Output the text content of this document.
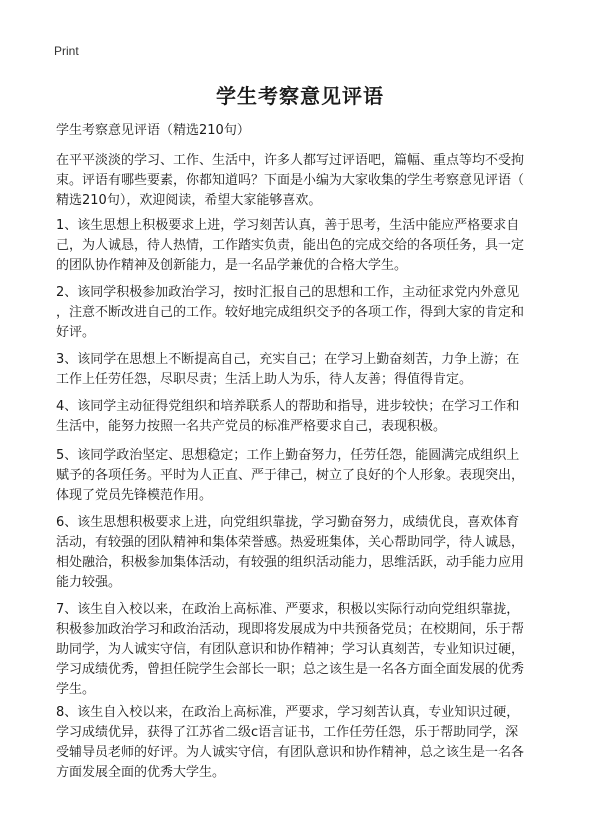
Print
学生考察意见评语
学生考察意见评语（精选210句）
在平平淡淡的学习、工作、生活中，许多人都写过评语吧，篇幅、重点等均不受拘
束。评语有哪些要素，你都知道吗？下面是小编为大家收集的学生考察意见评语（
精选210句），欢迎阅读，希望大家能够喜欢。
1、该生思想上积极要求上进，学习刻苦认真，善于思考，生活中能应严格要求自
己，为人诚恳，待人热情，工作踏实负责，能出色的完成交给的各项任务，具一定
的团队协作精神及创新能力，是一名品学兼优的合格大学生。
2、该同学积极参加政治学习，按时汇报自己的思想和工作，主动征求党内外意见
，注意不断改进自己的工作。较好地完成组织交予的各项工作，得到大家的肯定和
好评。
3、该同学在思想上不断提高自己，充实自己；在学习上勤奋刻苦，力争上游；在
工作上任劳任怨，尽职尽责；生活上助人为乐，待人友善；得值得肯定。
4、该同学主动征得党组织和培养联系人的帮助和指导，进步较快；在学习工作和
生活中，能努力按照一名共产党员的标准严格要求自己，表现积极。
5、该同学政治坚定、思想稳定；工作上勤奋努力，任劳任怨，能圆满完成组织上
赋予的各项任务。平时为人正直、严于律己，树立了良好的个人形象。表现突出，
体现了党员先锋模范作用。
6、该生思想积极要求上进，向党组织靠拢，学习勤奋努力，成绩优良，喜欢体育
活动，有较强的团队精神和集体荣誉感。热爱班集体，关心帮助同学，待人诚恳，
相处融洽，积极参加集体活动，有较强的组织活动能力，思维活跃，动手能力应用
能力较强。
7、该生自入校以来，在政治上高标准、严要求，积极以实际行动向党组织靠拢，
积极参加政治学习和政治活动，现即将发展成为中共预备党员；在校期间，乐于帮
助同学，为人诚实守信，有团队意识和协作精神；学习认真刻苦，专业知识过硬，
学习成绩优秀，曾担任院学生会部长一职；总之该生是一名各方面全面发展的优秀
学生。
8、该生自入校以来，在政治上高标准，严要求，学习刻苦认真，专业知识过硬，
学习成绩优异，获得了江苏省二级c语言证书，工作任劳任怨，乐于帮助同学，深
受辅导员老师的好评。为人诚实守信，有团队意识和协作精神，总之该生是一名各
方面发展全面的优秀大学生。
